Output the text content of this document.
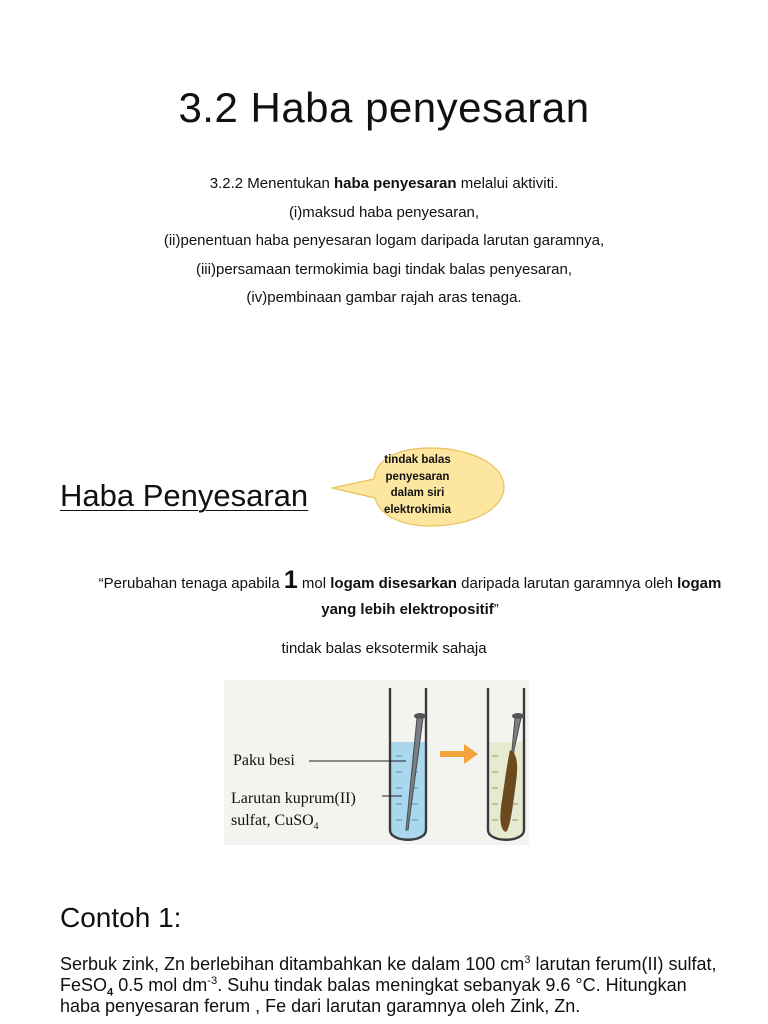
3.2 Haba penyesaran
3.2.2 Menentukan haba penyesaran melalui aktiviti.
(i)maksud haba penyesaran,
(ii)penentuan haba penyesaran logam daripada larutan garamnya,
(iii)persamaan termokimia bagi tindak balas penyesaran,
(iv)pembinaan gambar rajah aras tenaga.
Haba Penyesaran
tindak balas
penyesaran
dalam siri
elektrokimia
“Perubahan tenaga apabila 1 mol logam disesarkan daripada larutan garamnya oleh logam yang lebih elektropositif”
tindak balas eksotermik sahaja
Paku besi
Larutan kuprum(II)
sulfat, CuSO$_4$
Contoh 1:
Serbuk zink, Zn berlebihan ditambahkan ke dalam 100 $cm^3$ larutan ferum(II) sulfat, FeSO$_4$ 0.5 mol $dm^{-3}$. Suhu tindak balas meningkat sebanyak 9.6 °C. Hitungkan haba penyesaran ferum , Fe dari larutan garamnya oleh Zink, Zn.
